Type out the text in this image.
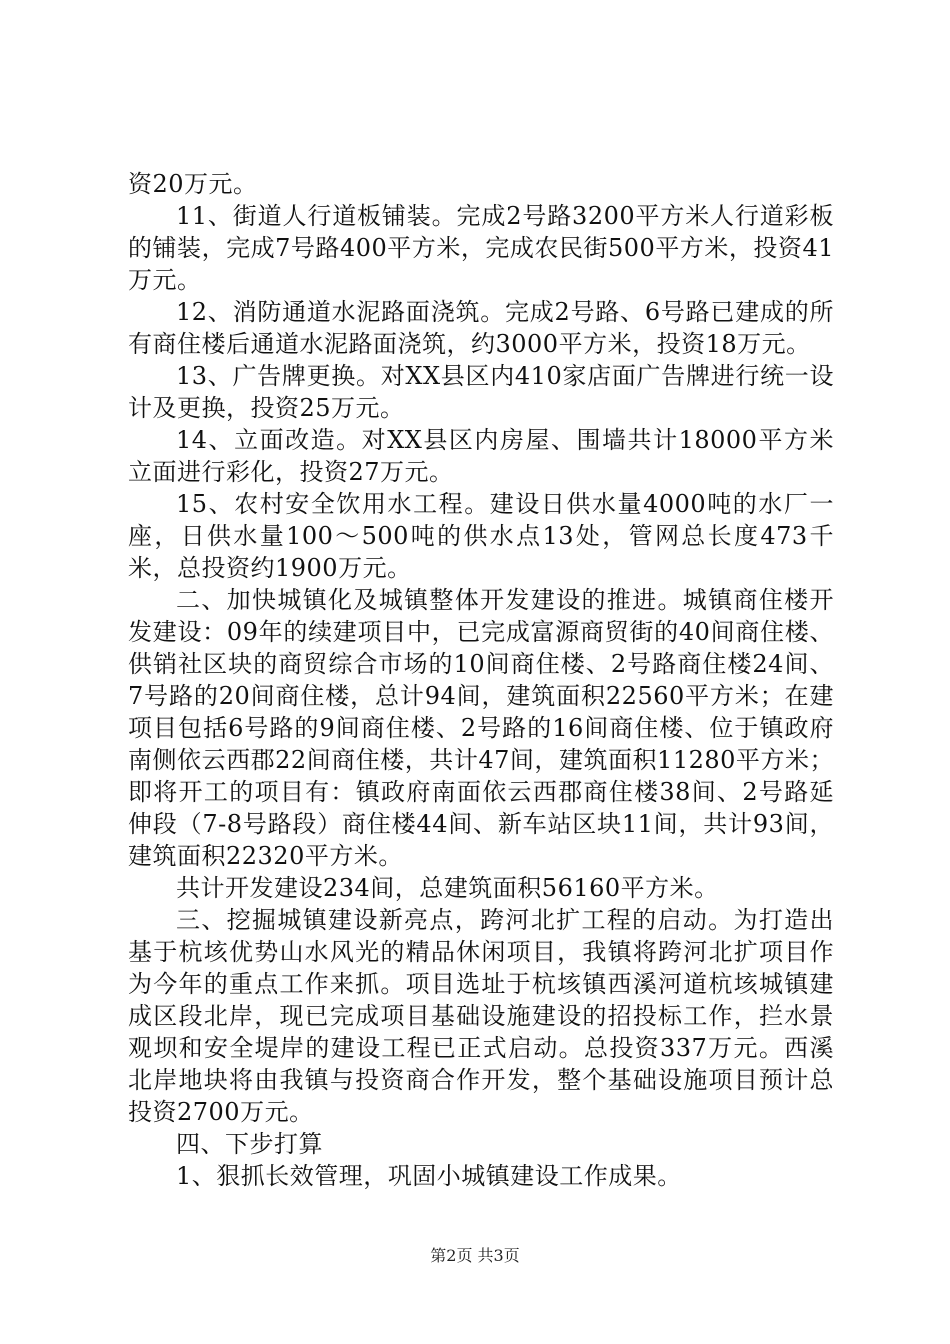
资20万元。

11、街道人行道板铺装。完成2号路3200平方米人行道彩板的铺装，完成7号路400平方米，完成农民街500平方米，投资41万元。

12、消防通道水泥路面浇筑。完成2号路、6号路已建成的所有商住楼后通道水泥路面浇筑，约3000平方米，投资18万元。

13、广告牌更换。对XX县区内410家店面广告牌进行统一设计及更换，投资25万元。

14、立面改造。对XX县区内房屋、围墙共计18000平方米立面进行彩化，投资27万元。

15、农村安全饮用水工程。建设日供水量4000吨的水厂一座，日供水量100～500吨的供水点13处，管网总长度473千米，总投资约1900万元。

二、加快城镇化及城镇整体开发建设的推进。城镇商住楼开发建设：09年的续建项目中，已完成富源商贸街的40间商住楼、供销社区块的商贸综合市场的10间商住楼、2号路商住楼24间、7号路的20间商住楼，总计94间，建筑面积22560平方米；在建项目包括6号路的9间商住楼、2号路的16间商住楼、位于镇政府南侧依云西郡22间商住楼，共计47间，建筑面积11280平方米；即将开工的项目有：镇政府南面依云西郡商住楼38间、2号路延伸段（7-8号路段）商住楼44间、新车站区块11间，共计93间，建筑面积22320平方米。

共计开发建设234间，总建筑面积56160平方米。

三、挖掘城镇建设新亮点，跨河北扩工程的启动。为打造出基于杭垓优势山水风光的精品休闲项目，我镇将跨河北扩项目作为今年的重点工作来抓。项目选址于杭垓镇西溪河道杭垓城镇建成区段北岸，现已完成项目基础设施建设的招投标工作，拦水景观坝和安全堤岸的建设工程已正式启动。总投资337万元。西溪北岸地块将由我镇与投资商合作开发，整个基础设施项目预计总投资2700万元。

四、下步打算

1、狠抓长效管理，巩固小城镇建设工作成果。

第2页 共3页
